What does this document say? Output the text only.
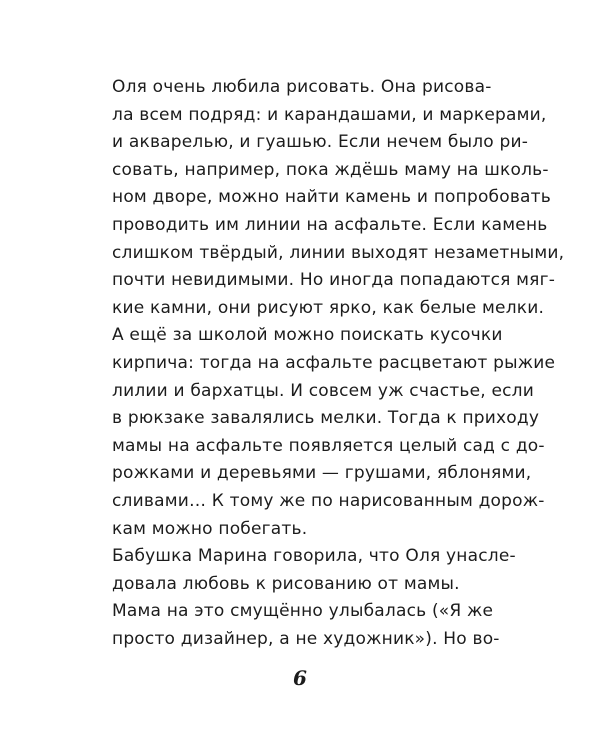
Оля очень любила рисовать. Она рисова-
ла всем подряд: и карандашами, и маркерами,
и акварелью, и гуашью. Если нечем было ри-
совать, например, пока ждёшь маму на школь-
ном дворе, можно найти камень и попробовать
проводить им линии на асфальте. Если камень
слишком твёрдый, линии выходят незаметными,
почти невидимыми. Но иногда попадаются мяг-
кие камни, они рисуют ярко, как белые мелки.
А ещё за школой можно поискать кусочки
кирпича: тогда на асфальте расцветают рыжие
лилии и бархатцы. И совсем уж счастье, если
в рюкзаке завалялись мелки. Тогда к приходу
мамы на асфальте появляется целый сад с до-
рожками и деревьями — грушами, яблонями,
сливами… К тому же по нарисованным дорож-
кам можно побегать.
Бабушка Марина говорила, что Оля унасле-
довала любовь к рисованию от мамы.
Мама на это смущённо улыбалась («Я же
просто дизайнер, а не художник»). Но во-
6
